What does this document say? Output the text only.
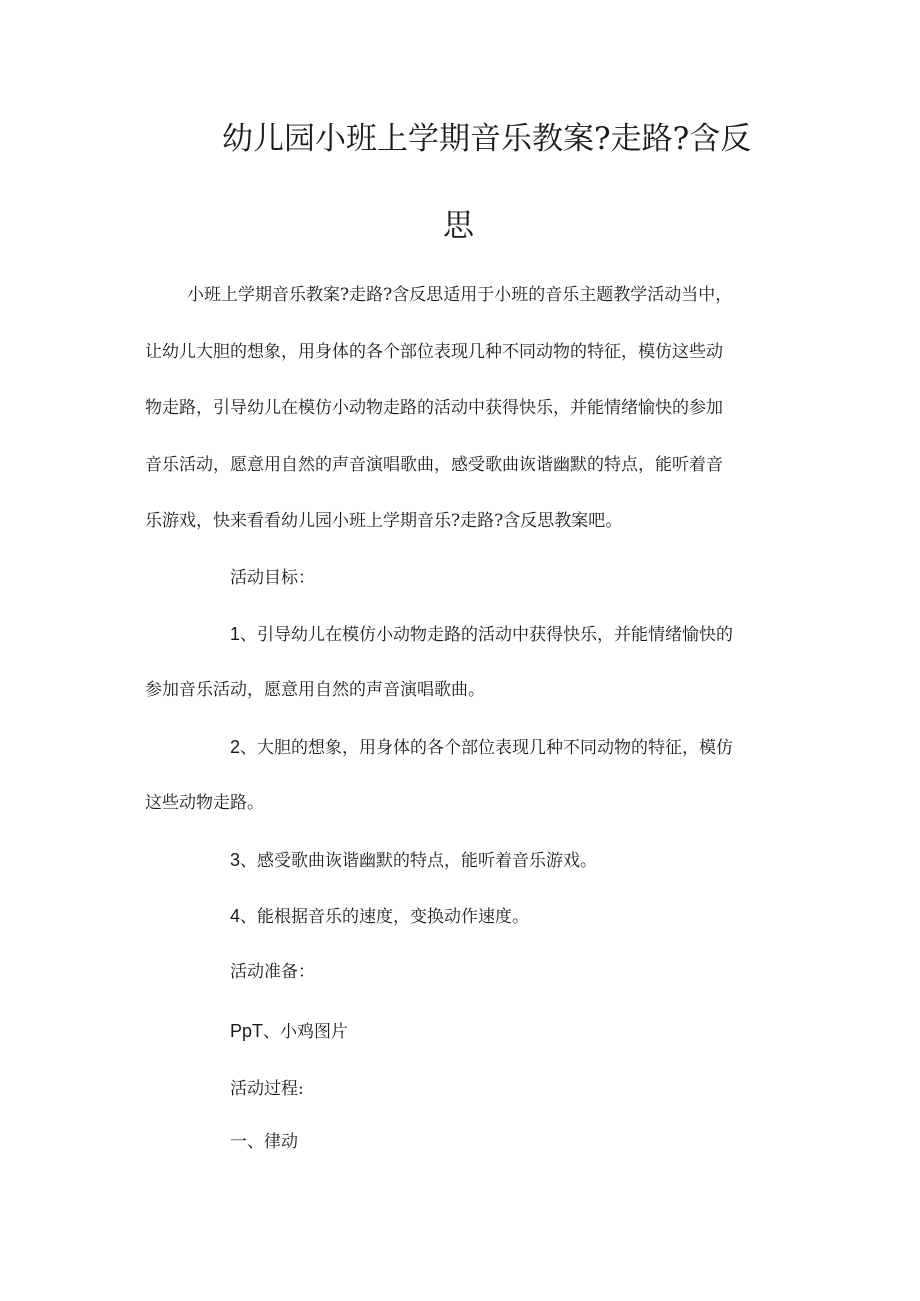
幼儿园小班上学期音乐教案?走路?含反
思
小班上学期音乐教案?走路?含反思适用于小班的音乐主题教学活动当中，
让幼儿大胆的想象，用身体的各个部位表现几种不同动物的特征，模仿这些动
物走路，引导幼儿在模仿小动物走路的活动中获得快乐，并能情绪愉快的参加
音乐活动，愿意用自然的声音演唱歌曲，感受歌曲诙谐幽默的特点，能听着音
乐游戏，快来看看幼儿园小班上学期音乐?走路?含反思教案吧。
活动目标：
1、引导幼儿在模仿小动物走路的活动中获得快乐，并能情绪愉快的
参加音乐活动，愿意用自然的声音演唱歌曲。
2、大胆的想象，用身体的各个部位表现几种不同动物的特征，模仿
这些动物走路。
3、感受歌曲诙谐幽默的特点，能听着音乐游戏。
4、能根据音乐的速度，变换动作速度。
活动准备：
PpT、小鸡图片
活动过程:
一、律动
